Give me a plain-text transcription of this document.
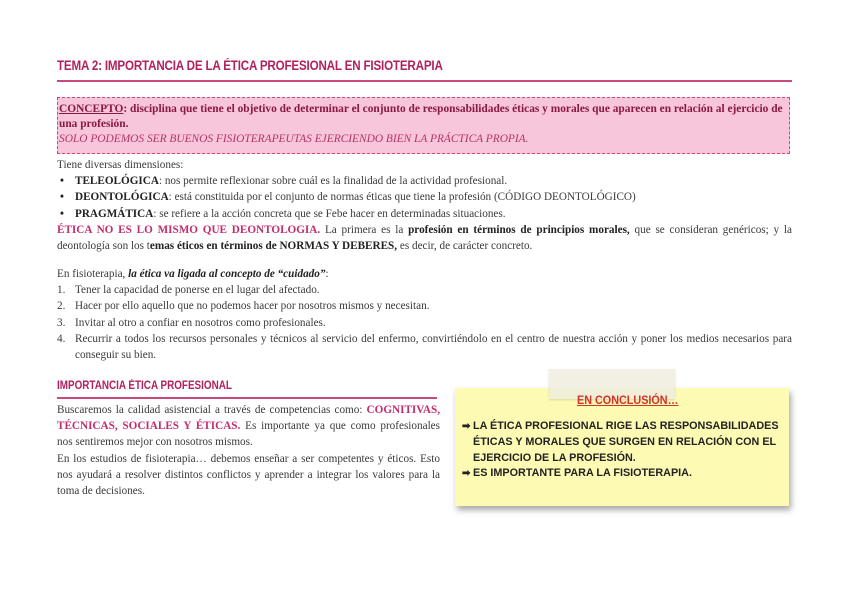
TEMA 2: IMPORTANCIA DE LA ÉTICA PROFESIONAL EN FISIOTERAPIA
CONCEPTO: disciplina que tiene el objetivo de determinar el conjunto de responsabilidades éticas y morales que aparecen en relación al ejercicio de una profesión.
SOLO PODEMOS SER BUENOS FISIOTERAPEUTAS EJERCIENDO BIEN LA PRÁCTICA PROPIA.
Tiene diversas dimensiones:
• TELEOLÓGICA: nos permite reflexionar sobre cuál es la finalidad de la actividad profesional.
• DEONTOLÓGICA: está constituida por el conjunto de normas éticas que tiene la profesión (CÓDIGO DEONTOLÓGICO)
• PRAGMÁTICA: se refiere a la acción concreta que se Febe hacer en determinadas situaciones.
ÉTICA NO ES LO MISMO QUE DEONTOLOGIA. La primera es la profesión en términos de principios morales, que se consideran genéricos; y la deontología son los temas éticos en términos de NORMAS Y DEBERES, es decir, de carácter concreto.
En fisioterapia, la ética va ligada al concepto de “cuidado”:
1. Tener la capacidad de ponerse en el lugar del afectado.
2. Hacer por ello aquello que no podemos hacer por nosotros mismos y necesitan.
3. Invitar al otro a confiar en nosotros como profesionales.
4. Recurrir a todos los recursos personales y técnicos al servicio del enfermo, convirtiéndolo en el centro de nuestra acción y poner los medios necesarios para conseguir su bien.
IMPORTANCIA ÉTICA PROFESIONAL
Buscaremos la calidad asistencial a través de competencias como: COGNITIVAS, TÉCNICAS, SOCIALES Y ÉTICAS. Es importante ya que como profesionales nos sentiremos mejor con nosotros mismos.
En los estudios de fisioterapia… debemos enseñar a ser competentes y éticos. Esto nos ayudará a resolver distintos conflictos y aprender a integrar los valores para la toma de decisiones.
EN CONCLUSIÓN…
➡ LA ÉTICA PROFESIONAL RIGE LAS RESPONSABILIDADES ÉTICAS Y MORALES QUE SURGEN EN RELACIÓN CON EL EJERCICIO DE LA PROFESIÓN.
➡ ES IMPORTANTE PARA LA FISIOTERAPIA.
